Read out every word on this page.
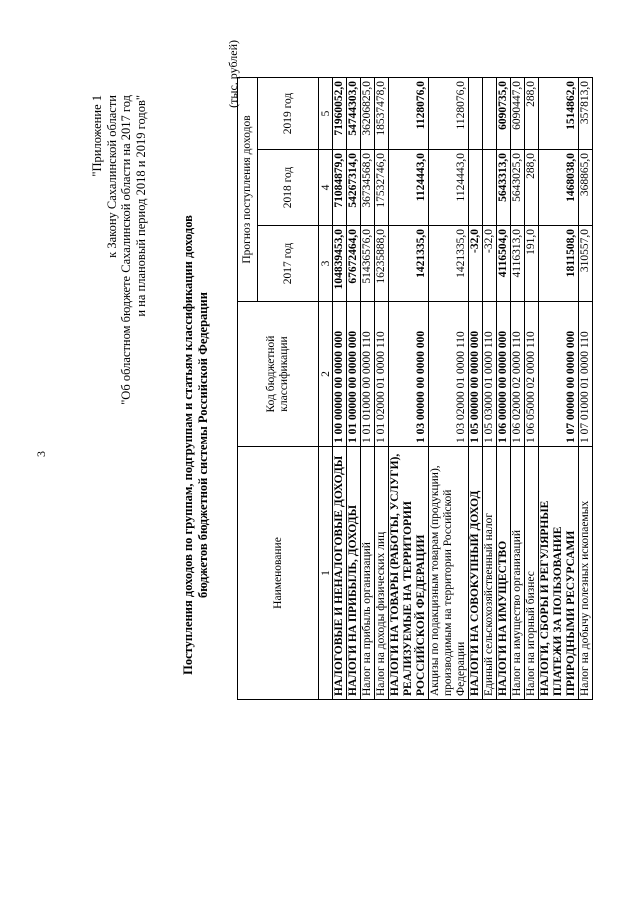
3
"Приложение 1 к Закону Сахалинской области "Об областном бюджете Сахалинской области на 2017 год и на плановый период 2018 и 2019 годов"
Поступления доходов по группам, подгруппам и статьям классификации доходов бюджетов бюджетной системы Российской Федерации
(тыс. рублей)
Наименование	Код бюджетной классификации	Прогноз поступления доходов		
		2017 год	2018 год	2019 год
1	2	3	4	5
НАЛОГОВЫЕ И НЕНАЛОГОВЫЕ ДОХОДЫ	1 00 00000 00 0000 000	104839453,0	71084879,0	71960052,0
НАЛОГИ НА ПРИБЫЛЬ, ДОХОДЫ	1 01 00000 00 0000 000	67672464,0	54267314,0	54744303,0
Налог на прибыль организаций	1 01 01000 00 0000 110	51436576,0	36734568,0	36206825,0
Налог на доходы физических лиц	1 01 02000 01 0000 110	16235888,0	17532746,0	18537478,0
НАЛОГИ НА ТОВАРЫ (РАБОТЫ, УСЛУГИ), РЕАЛИЗУЕМЫЕ НА ТЕРРИТОРИИ РОССИЙСКОЙ ФЕДЕРАЦИИ	1 03 00000 00 0000 000	1421335,0	1124443,0	1128076,0
Акцизы по подакцизным товарам (продукции), производимым на территории Российской Федерации	1 03 02000 01 0000 110	1421335,0	1124443,0	1128076,0
НАЛОГИ НА СОВОКУПНЫЙ ДОХОД	1 05 00000 00 0000 000	-32,0		
Единый сельскохозяйственный налог	1 05 03000 01 0000 110	-32,0		
НАЛОГИ НА ИМУЩЕСТВО	1 06 00000 00 0000 000	4116504,0	5643313,0	6090735,0
Налог на имущество организаций	1 06 02000 02 0000 110	4116313,0	5643025,0	6090447,0
Налог на игорный бизнес	1 06 05000 02 0000 110	191,0	288,0	288,0
НАЛОГИ, СБОРЫ И РЕГУЛЯРНЫЕ ПЛАТЕЖИ ЗА ПОЛЬЗОВАНИЕ ПРИРОДНЫМИ РЕСУРСАМИ	1 07 00000 00 0000 000	1811508,0	1468038,0	1514862,0
Налог на добычу полезных ископаемых	1 07 01000 01 0000 110	310557,0	368865,0	357813,0
